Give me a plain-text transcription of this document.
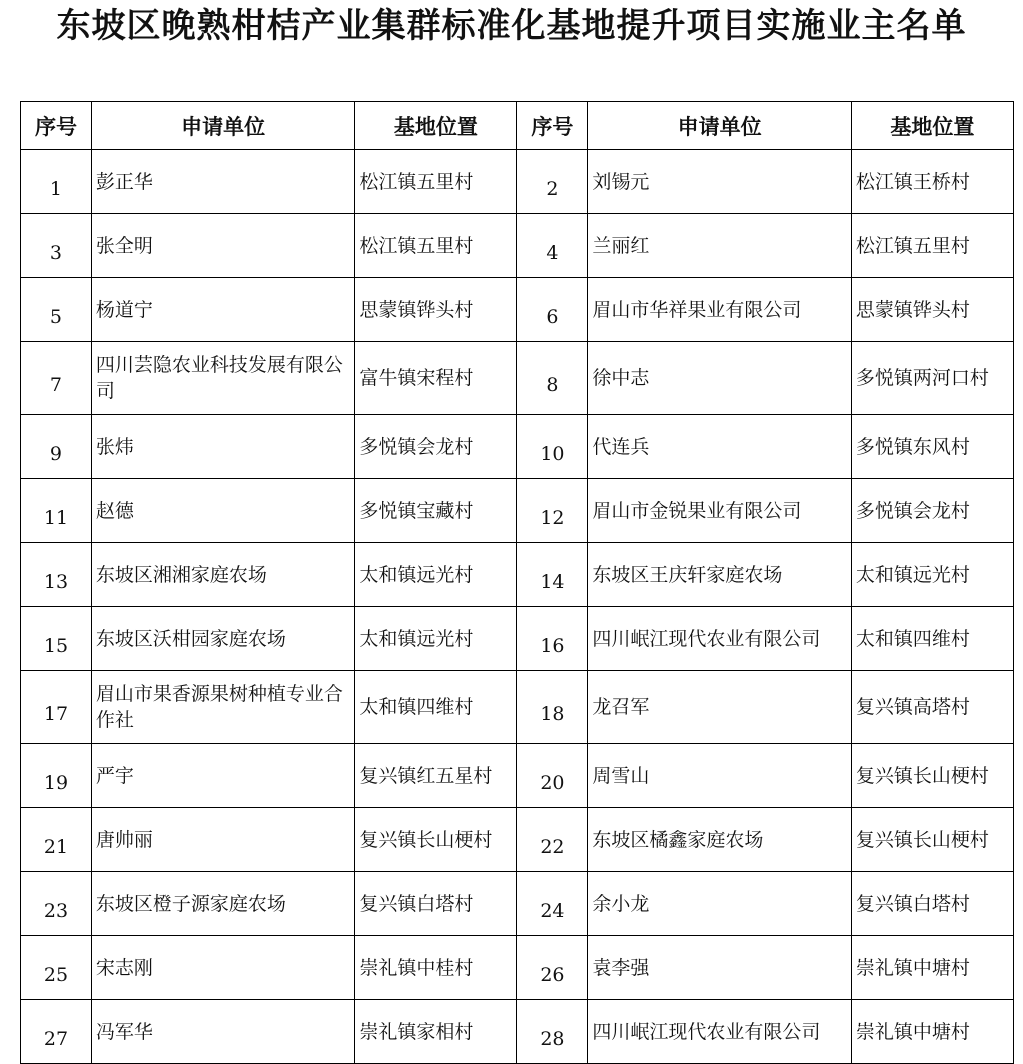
东坡区晚熟柑桔产业集群标准化基地提升项目实施业主名单
序号	申请单位	基地位置	序号	申请单位	基地位置
1	彭正华	松江镇五里村	2	刘锡元	松江镇王桥村
3	张全明	松江镇五里村	4	兰丽红	松江镇五里村
5	杨道宁	思蒙镇铧头村	6	眉山市华祥果业有限公司	思蒙镇铧头村
7	四川芸隐农业科技发展有限公司	富牛镇宋程村	8	徐中志	多悦镇两河口村
9	张炜	多悦镇会龙村	10	代连兵	多悦镇东风村
11	赵德	多悦镇宝藏村	12	眉山市金锐果业有限公司	多悦镇会龙村
13	东坡区湘湘家庭农场	太和镇远光村	14	东坡区王庆轩家庭农场	太和镇远光村
15	东坡区沃柑园家庭农场	太和镇远光村	16	四川岷江现代农业有限公司	太和镇四维村
17	眉山市果香源果树种植专业合作社	太和镇四维村	18	龙召军	复兴镇高塔村
19	严宇	复兴镇红五星村	20	周雪山	复兴镇长山梗村
21	唐帅丽	复兴镇长山梗村	22	东坡区橘鑫家庭农场	复兴镇长山梗村
23	东坡区橙子源家庭农场	复兴镇白塔村	24	余小龙	复兴镇白塔村
25	宋志刚	崇礼镇中桂村	26	袁李强	崇礼镇中塘村
27	冯军华	崇礼镇家相村	28	四川岷江现代农业有限公司	崇礼镇中塘村
